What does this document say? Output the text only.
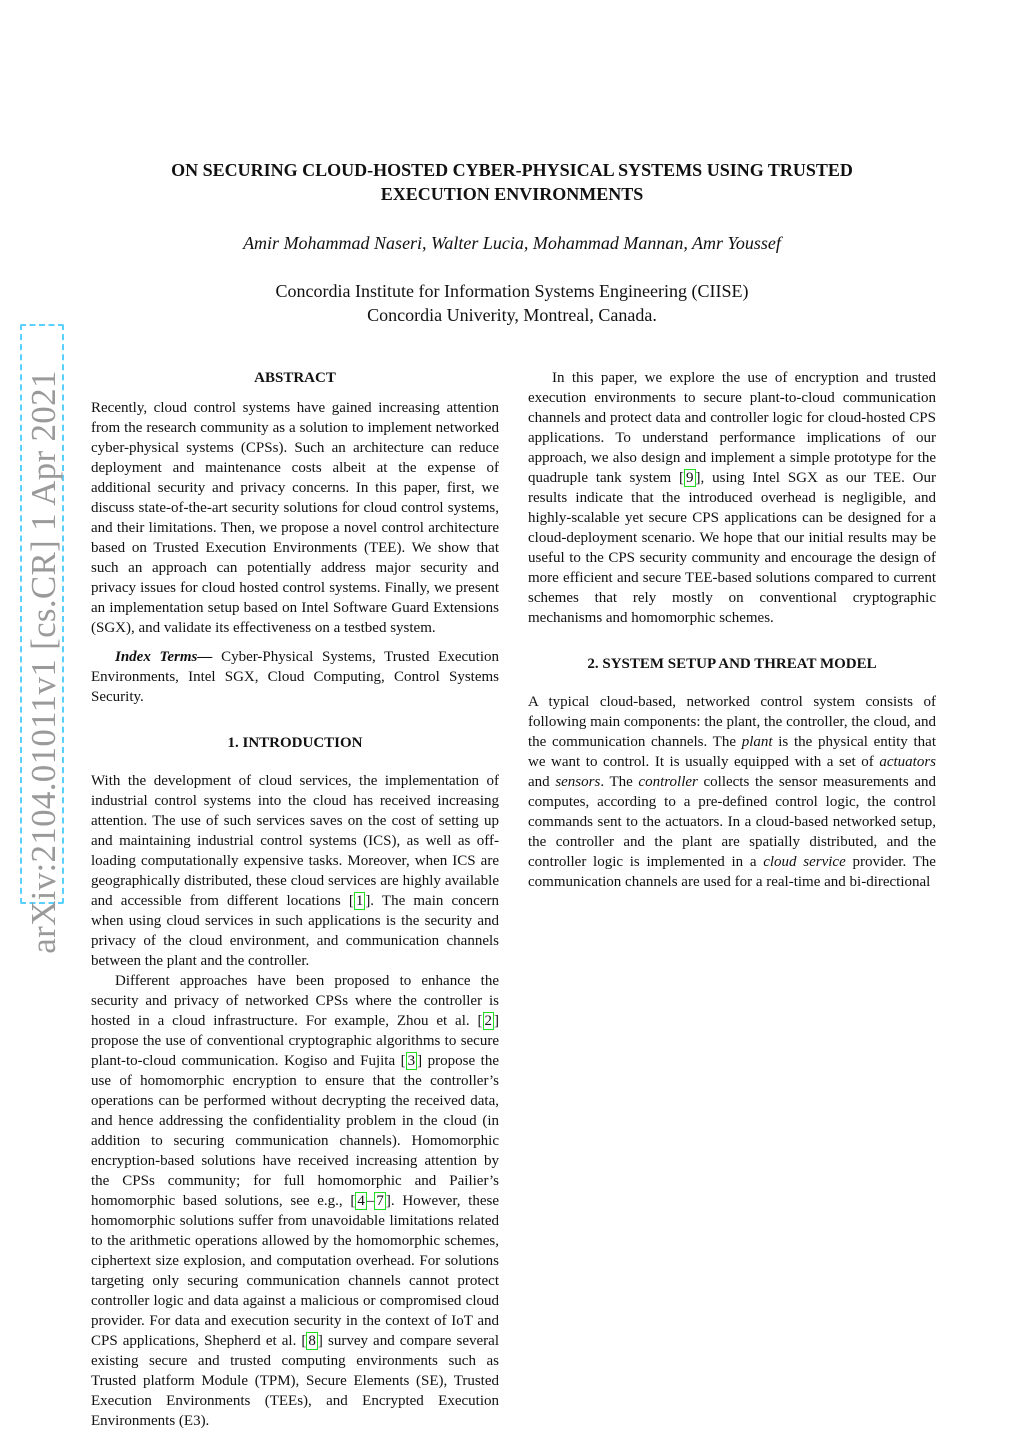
arXiv:2104.01011v1 [cs.CR] 1 Apr 2021
ON SECURING CLOUD-HOSTED CYBER-PHYSICAL SYSTEMS USING TRUSTED
EXECUTION ENVIRONMENTS
Amir Mohammad Naseri, Walter Lucia, Mohammad Mannan, Amr Youssef
Concordia Institute for Information Systems Engineering (CIISE)
Concordia Univerity, Montreal, Canada.
ABSTRACT

Recently, cloud control systems have gained increasing attention from the research community as a solution to implement networked cyber-physical systems (CPSs). Such an architecture can reduce deployment and maintenance costs albeit at the expense of additional security and privacy concerns. In this paper, first, we discuss state-of-the-art security solutions for cloud control systems, and their limitations. Then, we propose a novel control architecture based on Trusted Execution Environments (TEE). We show that such an approach can potentially address major security and privacy issues for cloud hosted control systems. Finally, we present an implementation setup based on Intel Software Guard Extensions (SGX), and validate its effectiveness on a testbed system.

Index Terms— Cyber-Physical Systems, Trusted Execution Environments, Intel SGX, Cloud Computing, Control Systems Security.

1. INTRODUCTION

With the development of cloud services, the implementation of industrial control systems into the cloud has received increasing attention. The use of such services saves on the cost of setting up and maintaining industrial control systems (ICS), as well as off-loading computationally expensive tasks. Moreover, when ICS are geographically distributed, these cloud services are highly available and accessible from different locations [ 1 ]. The main concern when using cloud services in such applications is the security and privacy of the cloud environment, and communication channels between the plant and the controller.

Different approaches have been proposed to enhance the security and privacy of networked CPSs where the controller is hosted in a cloud infrastructure. For example, Zhou et al. [ 2 ] propose the use of conventional cryptographic algorithms to secure plant-to-cloud communication. Kogiso and Fujita [ 3 ] propose the use of homomorphic encryption to ensure that the controller’s operations can be performed without decrypting the received data, and hence addressing the confidentiality problem in the cloud (in addition to securing communication channels). Homomorphic encryption-based solutions have received increasing attention by the CPSs community; for full homomorphic and Pailier’s homomorphic based solutions, see e.g., [ 4 – 7 ]. However, these homomorphic solutions suffer from unavoidable limitations related to the arithmetic operations allowed by the homomorphic schemes, ciphertext size explosion, and computation overhead. For solutions targeting only securing communication channels cannot protect controller logic and data against a malicious or compromised cloud provider. For data and execution security in the context of IoT and CPS applications, Shepherd et al. [ 8 ] survey and compare several existing secure and trusted computing environments such as Trusted platform Module (TPM), Secure Elements (SE), Trusted Execution Environments (TEEs), and Encrypted Execution Environments (E3).

In this paper, we explore the use of encryption and trusted execution environments to secure plant-to-cloud communication channels and protect data and controller logic for cloud-hosted CPS applications. To understand performance implications of our approach, we also design and implement a simple prototype for the quadruple tank system [ 9 ], using Intel SGX as our TEE. Our results indicate that the introduced overhead is negligible, and highly-scalable yet secure CPS applications can be designed for a cloud-deployment scenario. We hope that our initial results may be useful to the CPS security community and encourage the design of more efficient and secure TEE-based solutions compared to current schemes that rely mostly on conventional cryptographic mechanisms and homomorphic schemes.

2. SYSTEM SETUP AND THREAT MODEL

A typical cloud-based, networked control system consists of following main components: the plant, the controller, the cloud, and the communication channels. The plant is the physical entity that we want to control. It is usually equipped with a set of actuators and sensors. The controller collects the sensor measurements and computes, according to a pre-defined control logic, the control commands sent to the actuators. In a cloud-based networked setup, the controller and the plant are spatially distributed, and the controller logic is implemented in a cloud service provider. The communication channels are used for a real-time and bi-directional
